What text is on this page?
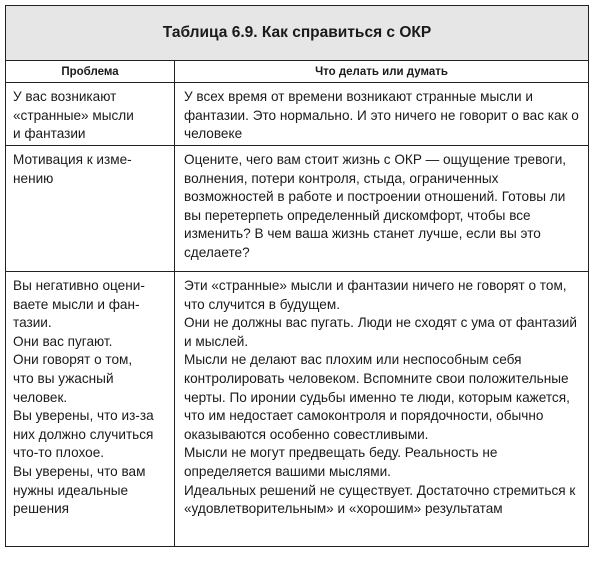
Таблица 6.9. Как справиться с ОКР
Проблема	Что делать или думать
У вас возникают
«странные» мысли
и фантазии

У всех время от времени возникают странные мысли и фантазии. Это нормально. И это ничего не говорит о вас как о человеке

Мотивация к изме-
нению

Оцените, чего вам стоит жизнь с ОКР — ощущение тревоги, волнения, потери контроля, стыда, ограниченных возможностей в работе и построении отношений. Готовы ли вы перетерпеть определенный дискомфорт, чтобы все изменить? В чем ваша жизнь станет лучше, если вы это сделаете?

Вы негативно оцени-
ваете мысли и фан-
тазии.
Они вас пугают.
Они говорят о том,
что вы ужасный
человек.
Вы уверены, что из-за
них должно случиться
что-то плохое.
Вы уверены, что вам
нужны идеальные
решения

Эти «странные» мысли и фантазии ничего не говорят о том, что случится в будущем.

Они не должны вас пугать. Люди не сходят с ума от фантазий и мыслей.

Мысли не делают вас плохим или неспособным себя контролировать человеком. Вспомните свои положительные черты. По иронии судьбы именно те люди, которым кажется, что им недостает самоконтроля и порядочности, обычно оказываются особенно совестливыми.

Мысли не могут предвещать беду. Реальность не определяется вашими мыслями.

Идеальных решений не существует. Достаточно стремиться к «удовлетворительным» и «хорошим» результатам
